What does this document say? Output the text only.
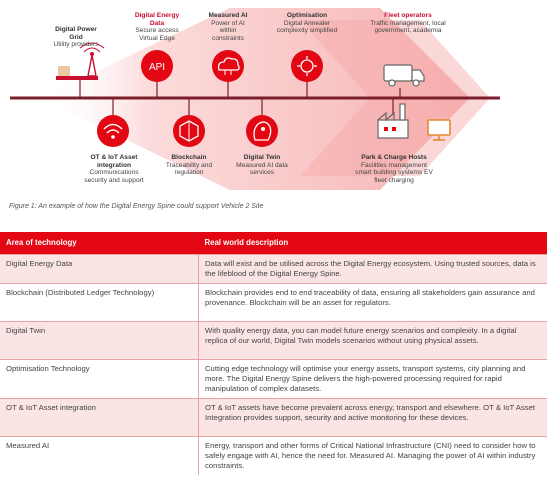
API
Digital Power Grid
Utility providers
Digital Energy Data
Secure access Virtual Edge
Measured AI
Power of AI within constraints
Optimisation
Digital Annealer complexity simplified
Fleet operators
Traffic management, local government, academia
OT & IoT Asset integration
Communications security and support
Blockchain
Traceability and regulation
Digital Twin
Measured AI data services
Park & Charge Hosts
Facilities management smart building systems EV fleet charging
Figure 1: An example of how the Digital Energy Spine could support Vehicle 2 Site
Area of technology	Real world description
Digital Energy Data	Data will exist and be utilised across the Digital Energy ecosystem. Using trusted sources, data is the lifeblood of the Digital Energy Spine.
Blockchain (Distributed Ledger Technology)	Blockchain provides end to end traceability of data, ensuring all stakeholders gain assurance and provenance. Blockchain will be an asset for regulators.
Digital Twin	With quality energy data, you can model future energy scenarios and complexity. In a digital replica of our world, Digital Twin models scenarios without using physical assets.
Optimisation Technology	Cutting edge technology will optimise your energy assets, transport systems, city planning and more. The Digital Energy Spine delivers the high-powered processing required for rapid manipulation of complex datasets.
OT & IoT Asset integration	OT & IoT assets have become prevalent across energy, transport and elsewhere. OT & IoT Asset Integration provides support, security and active monitoring for these devices.
Measured AI	Energy, transport and other forms of Critical National Infrastructure (CNI) need to consider how to safely engage with AI, hence the need for. Measured AI. Managing the power of AI within industry constraints.
